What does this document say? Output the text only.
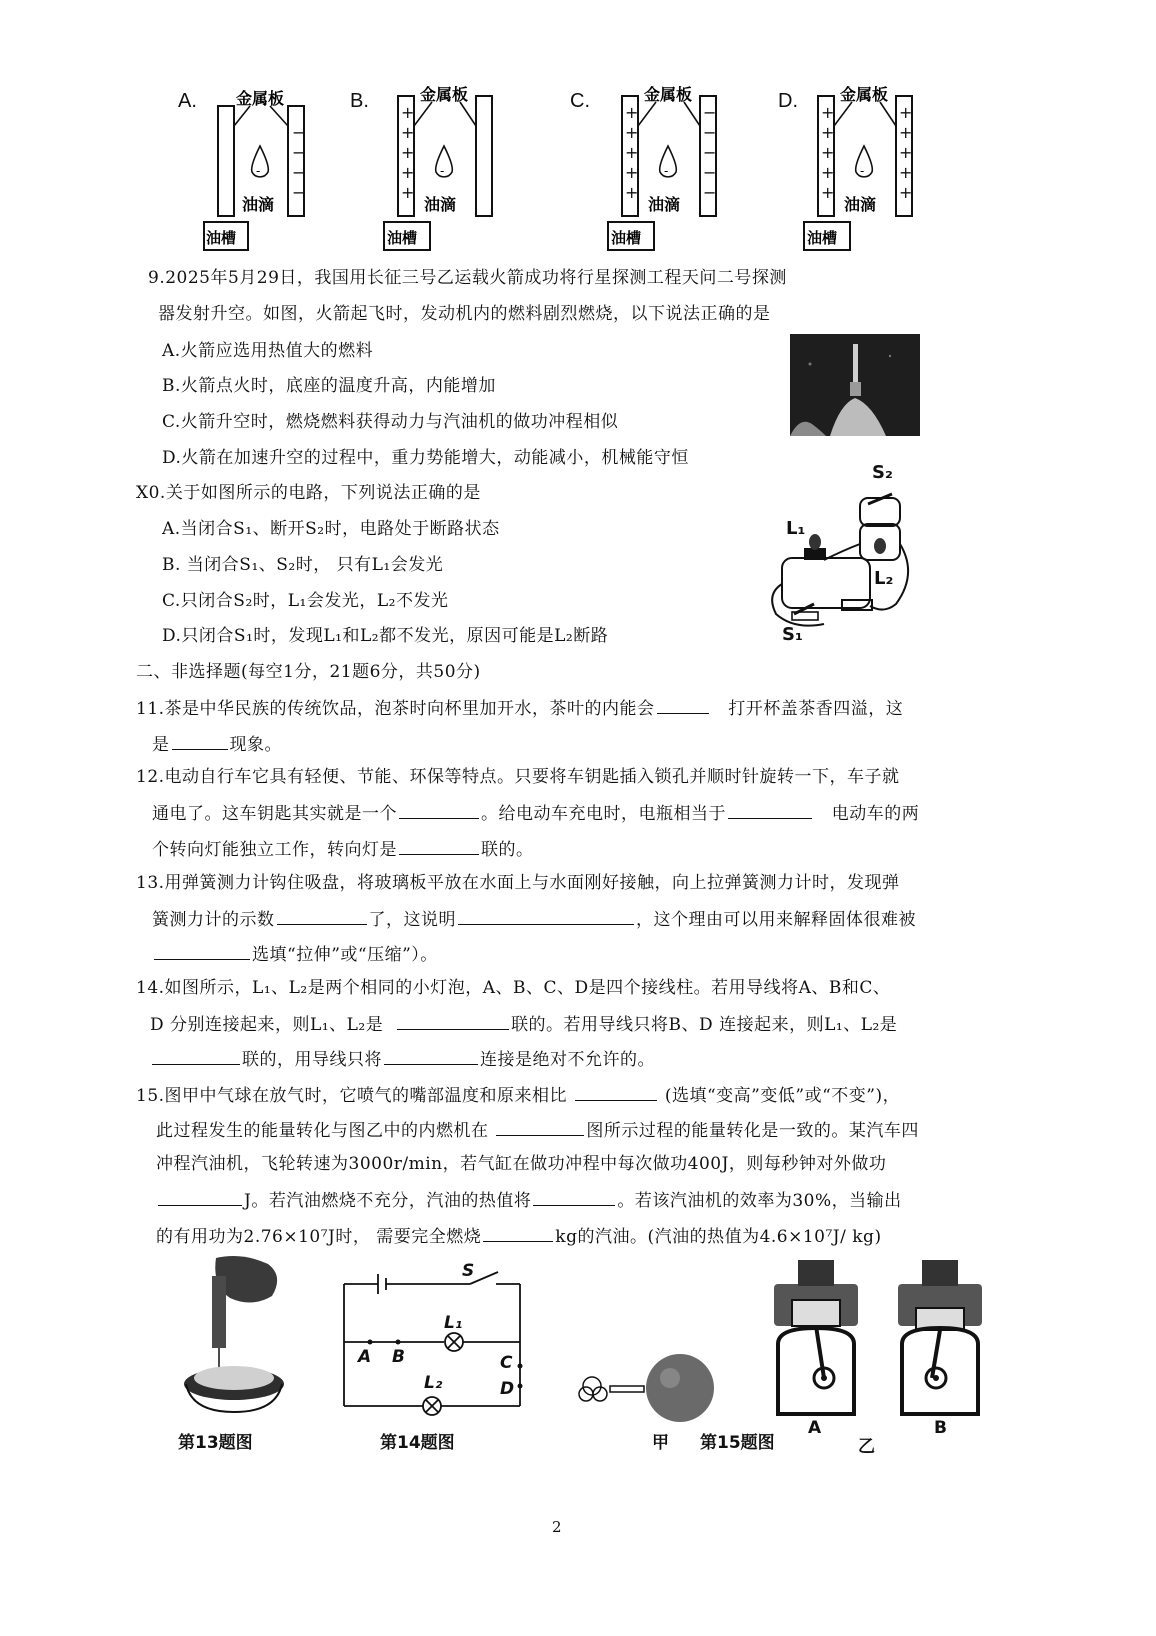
A. 金属板
−
−
−
−
-
油滴
油槽
B.	金属板
+
+
+
+
+
-
油滴
油槽
C.	金属板
+
+
+
+
+
−
−
−
−
−
-
油滴
油槽
D.	金属板
+
+
+
+
+
+
+
+
+
+
-
油滴
油槽
9.2025年5月29日，我国用长征三号乙运载火箭成功将行星探测工程天问二号探测
器发射升空。如图，火箭起飞时，发动机内的燃料剧烈燃烧，以下说法正确的是
A.火箭应选用热值大的燃料
B.火箭点火时，底座的温度升高，内能增加
C.火箭升空时，燃烧燃料获得动力与汽油机的做功冲程相似
D.火箭在加速升空的过程中，重力势能增大，动能减小，机械能守恒
X0.关于如图所示的电路，下列说法正确的是
A.当闭合S₁、断开S₂时，电路处于断路状态
B. 当闭合S₁、S₂时， 只有L₁会发光
C.只闭合S₂时，L₁会发光，L₂不发光
D.只闭合S₁时，发现L₁和L₂都不发光，原因可能是L₂断路
S₂
L₁
L₂
S₁
二、非选择题(每空1分，21题6分，共50分)
11.茶是中华民族的传统饮品，泡茶时向杯里加开水，茶叶的内能会	打开杯盖茶香四溢，这
是	现象。
12.电动自行车它具有轻便、节能、环保等特点。只要将车钥匙插入锁孔并顺时针旋转一下，车子就
通电了。这车钥匙其实就是一个	。给电动车充电时，电瓶相当于	电动车的两
个转向灯能独立工作，转向灯是	联的。
13.用弹簧测力计钩住吸盘，将玻璃板平放在水面上与水面刚好接触，向上拉弹簧测力计时，发现弹
簧测力计的示数	了，这说明	，这个理由可以用来解释固体很难被
选填“拉伸”或“压缩”）。
14.如图所示，L₁、L₂是两个相同的小灯泡，A、B、C、D是四个接线柱。若用导线将A、B和C、
D 分别连接起来，则L₁、L₂是	联的。若用导线只将B、D 连接起来，则L₁、L₂是
联的，用导线只将	连接是绝对不允许的。
15.图甲中气球在放气时，它喷气的嘴部温度和原来相比	(选填“变高”变低”或“不变”)，
此过程发生的能量转化与图乙中的内燃机在	图所示过程的能量转化是一致的。某汽车四
冲程汽油机，飞轮转速为3000r/min，若气缸在做功冲程中每次做功400J，则每秒钟对外做功
J。若汽油燃烧不充分，汽油的热值将	。若该汽油机的效率为30%，当输出
的有用功为2.76×10⁷J时， 需要完全燃烧	kg的汽油。(汽油的热值为4.6×10⁷J/ kg)
第13题图
S
L₁
L₂
A B	C
D
第14题图	甲 第15题图
A
乙
B
2
